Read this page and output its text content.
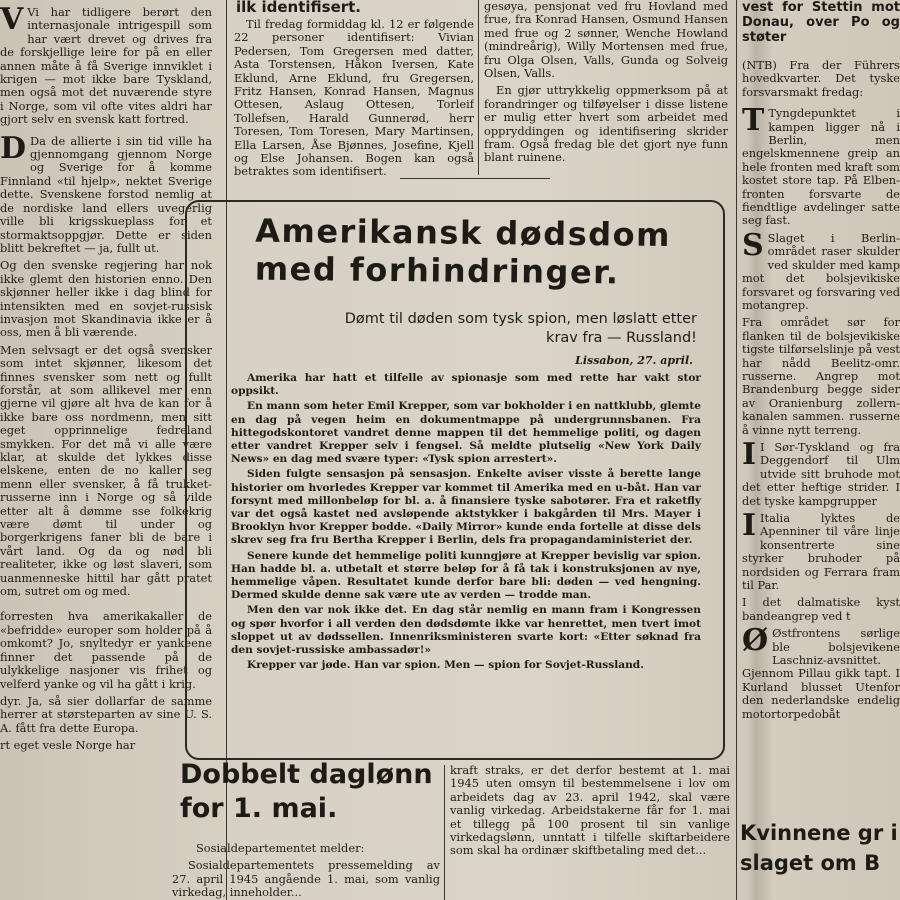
ilk identifisert.

V Vi har tidligere berørt den internasjonale intrigespill som har vært drevet og drives fra de forskjellige leire for på en eller annen måte å få Sverige innviklet i krigen — mot ikke bare Tyskland, men også mot det nuværende styre i Norge, som vil ofte vites aldri har gjort selv en svensk katt fortred.

D Da de allierte i sin tid ville ha gjennomgang gjennom Norge og Sverige for å komme Finnland «til hjelp», nektet Sverige dette. Svenskene forstod nemlig at de nordiske land ellers uvegerlig ville bli krigsskueplass for et stormaktsoppgjør. Dette er siden blitt bekreftet — ja, fullt ut.

Og den svenske regjering har nok ikke glemt den historien enno. Den skjønner heller ikke i dag blind for intensikten med en sovjet-russisk invasjon mot Skandinavia ikke er å oss, men å bli værende.

Men selvsagt er det også svensker som intet skjønner, likesom det finnes svensker som nett og fullt forstår, at som allikevel mer enn gjerne vil gjøre alt hva de kan for å ikke bare oss nordmenn, men sitt eget opprinnelige fedreland smykken. For det må vi alle være klar, at skulde det lykkes disse elskene, enten de no kaller seg menn eller svensker, å få trukket-russerne inn i Norge og så vilde etter alt å dømme sse folkekrig være dømt til under og borgerkrigens faner bli de bare i vårt land. Og da og nød bli realiteter, ikke og løst slaveri, som uanmenneske hittil har gått pratet om, sutret om og med.

forresten hva amerikakaller de «befridde» europer som holder på å omkomt? Jo, snyltedyr er yankeene finner det passende på de ulykkelige nasjoner vis frihet og velferd yanke og vil ha gått i krig.

dyr. Ja, så sier dollarfar de samme herrer at størsteparten av sine U. S. A. fått fra dette Europa.

rt eget vesle Norge har

Til fredag formiddag kl. 12 er følgende 22 personer identifisert: Vivian Pedersen, Tom Gregersen med datter, Asta Torstensen, Håkon Iversen, Kate Eklund, Arne Eklund, fru Gregersen, Fritz Hansen, Konrad Hansen, Magnus Ottesen, Aslaug Ottesen, Torleif Tollefsen, Harald Gunnerød, herr Toresen, Tom Toresen, Mary Martinsen, Ella Larsen, Åse Bjønnes, Josefine, Kjell og Else Johansen. Bogen kan også betraktes som identifisert.

gesøya, pensjonat ved fru Hovland med frue, fra Konrad Hansen, Osmund Hansen med frue og 2 sønner, Wenche Howland (mindreårig), Willy Mortensen med frue, fru Olga Olsen, Valls, Gunda og Solveig Olsen, Valls.

En gjør uttrykkelig oppmerksom på at forandringer og tilføyelser i disse listene er mulig etter hvert som arbeidet med oppryddingen og identifisering skrider fram. Også fredag ble det gjort nye funn blant ruinene.

Amerikansk dødsdom med forhindringer.

Dømt til døden som tysk spion, men løslatt etter krav fra — Russland!

Lissabon, 27. april.

Amerika har hatt et tilfelle av spionasje som med rette har vakt stor oppsikt.

En mann som heter Emil Krepper, som var bokholder i en nattklubb, glemte en dag på vegen heim en dokumentmappe på undergrunnsbanen. Fra hittegodskontoret vandret denne mappen til det hemmelige politi, og dagen etter vandret Krepper selv i fengsel. Så meldte plutselig «New York Daily News» en dag med svære typer: «Tysk spion arrestert».

Siden fulgte sensasjon på sensasjon. Enkelte aviser visste å berette lange historier om hvorledes Krepper var kommet til Amerika med en u-båt. Han var forsynt med millonbeløp for bl. a. å finansiere tyske sabotører. Fra et raketfly var det også kastet ned avsløpende aktstykker i bakgården til Mrs. Mayer i Brooklyn hvor Krepper bodde. «Daily Mirror» kunde enda fortelle at disse dels skrev seg fra fru Bertha Krepper i Berlin, dels fra propagandaministeriet der.

Senere kunde det hemmelige politi kunngjøre at Krepper bevislig var spion. Han hadde bl. a. utbetalt et større beløp for å få tak i konstruksjonen av nye, hemmelige våpen. Resultatet kunde derfor bare bli: døden — ved hengning. Dermed skulde denne sak være ute av verden — trodde man.

Men den var nok ikke det. En dag står nemlig en mann fram i Kongressen og spør hvorfor i all verden den dødsdømte ikke var henrettet, men tvert imot sloppet ut av dødssellen. Innenriksministeren svarte kort: «Etter søknad fra den sovjet-russiske ambassadør!»

Krepper var jøde. Han var spion. Men — spion for Sovjet-Russland.

Dobbelt daglønn for 1. mai.

Sosialdepartementet melder:

Sosialdepartementets pressemelding av 27. april 1945 angående 1. mai, som vanlig virkedag, inneholder...

kraft straks, er det derfor bestemt at 1. mai 1945 uten omsyn til bestemmelsene i lov om arbeidets dag av 23. april 1942, skal være vanlig virkedag. Arbeidstakerne får for 1. mai et tillegg på 100 prosent til sin vanlige virkedagslønn, unntatt i tilfelle skiftarbeidere som skal ha ordinær skiftbetaling med det...

vest for Stettin mot Donau, over Po og støter

(NTB) Fra der Führers hovedkvarter. Det tyske forsvarsmakt fredag:

T Tyngdepunktet i kampen ligger nå i Berlin, men engelskmennene greip an hele fronten med kraft som kostet store tap. På Elben-fronten forsvarte de fiendtlige avdelinger satte seg fast.

S Slaget i Berlin-området raser skulder ved skulder med kamp mot det bolsjevikiske forsvaret og forsvaring ved motangrep.

Fra området sør for flanken til de bolsjevikiske tigste tilførselslinje på vest har nådd Beelitz-omr. russerne. Angrep mot Brandenburg begge sider av Oranienburg zollern-kanalen sammen. russerne å vinne nytt terreng.

I I Sør-Tyskland og fra Deggendorf til Ulm utvide sitt bruhode mot det etter heftige strider. I det tyske kampgrupper

I Italia lyktes de Apenniner til våre linje konsentrerte sine styrker bruhoder på nordsiden og Ferrara fram til Par.

I det dalmatiske kyst bandeangrep ved t

Ø Østfrontens sørlige ble bolsjevikene Laschniz-avsnittet. Gjennom Pillau gikk tapt. I Kurland blusset Utenfor den nederlandske endelig motortorpedobåt

Kvinnene gr i slaget om B
